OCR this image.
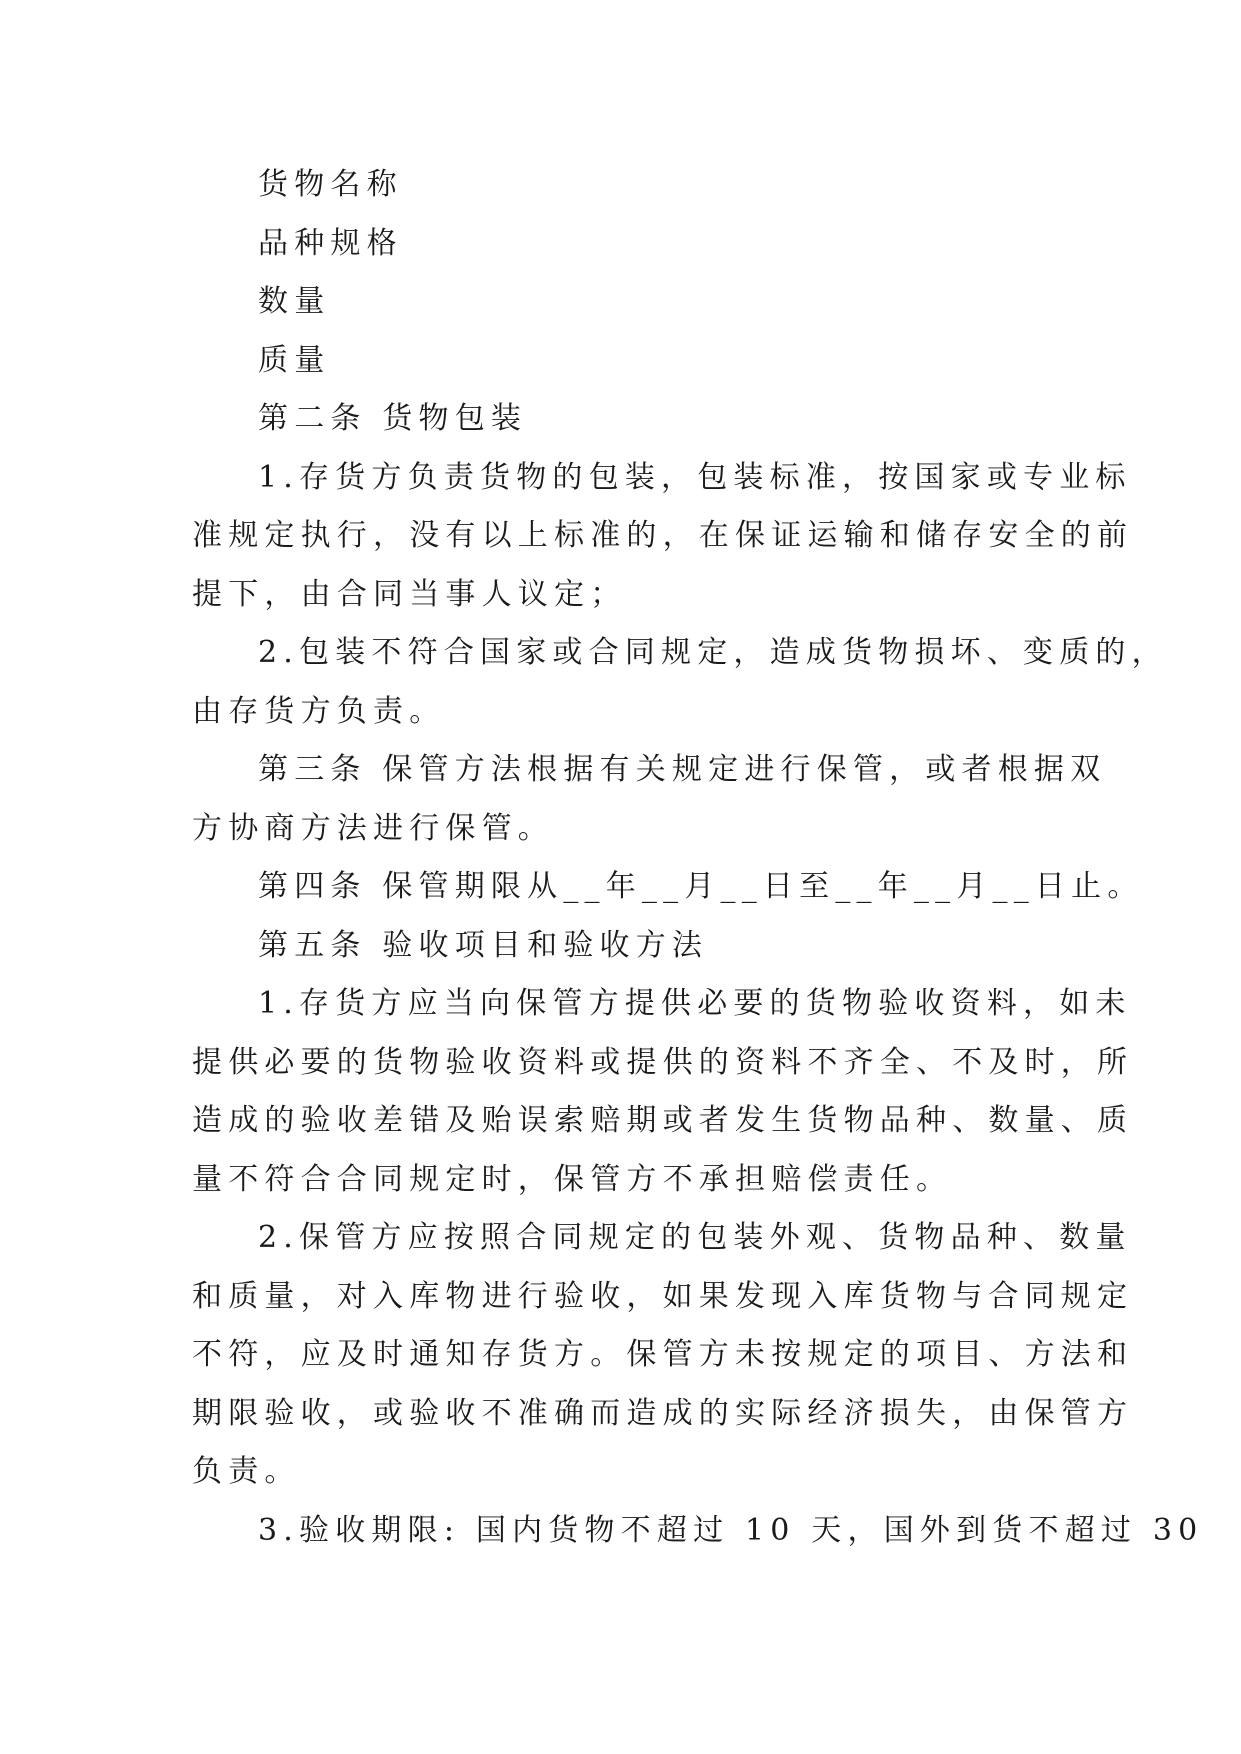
货物名称

品种规格

数量

质量

第二条 货物包装

1.存货方负责货物的包装，包装标准，按国家或专业标

准规定执行，没有以上标准的，在保证运输和储存安全的前

提下，由合同当事人议定；

2.包装不符合国家或合同规定，造成货物损坏、变质的，

由存货方负责。

第三条 保管方法根据有关规定进行保管，或者根据双

方协商方法进行保管。

第四条 保管期限从__年__月__日至__年__月__日止。

第五条 验收项目和验收方法

1.存货方应当向保管方提供必要的货物验收资料，如未

提供必要的货物验收资料或提供的资料不齐全、不及时，所

造成的验收差错及贻误索赔期或者发生货物品种、数量、质

量不符合合同规定时，保管方不承担赔偿责任。

2.保管方应按照合同规定的包装外观、货物品种、数量

和质量，对入库物进行验收，如果发现入库货物与合同规定

不符，应及时通知存货方。保管方未按规定的项目、方法和

期限验收，或验收不准确而造成的实际经济损失，由保管方

负责。

3.验收期限: 国内货物不超过 10 天，国外到货不超过 30
